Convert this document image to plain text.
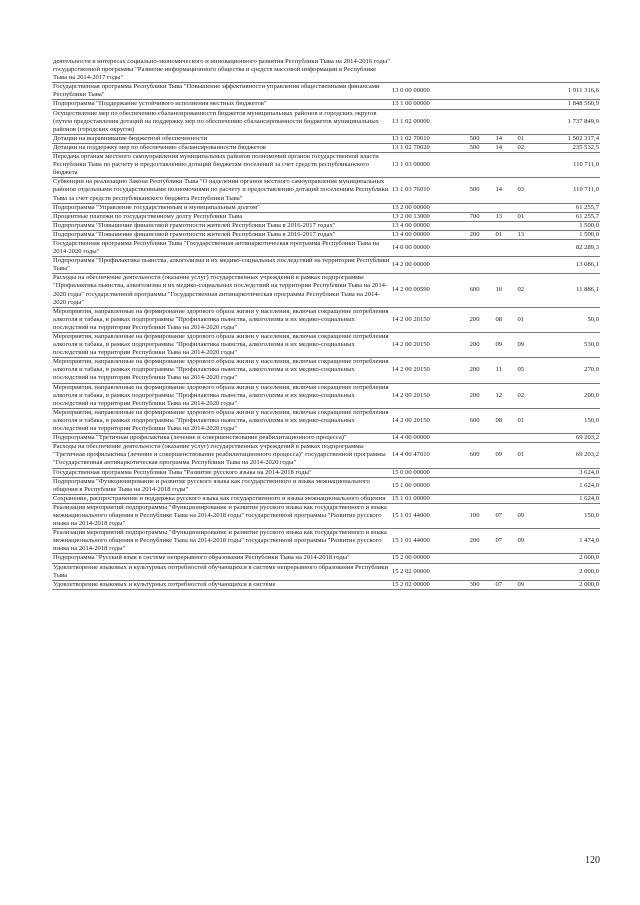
деятельности в интересах социально-экономического и инновационного развития Республики Тыва на 2014-2016 годы" государственной программы "Развитие информационного общества и средств массовой информации в Республике Тыва на 2014-2017 годы"					
Государственная программа Республики Тыва "Повышение эффективности управления общественными финансами Республики Тыва"	13 0 00 00000				1 911 316,6
Подпрограмма "Поддержание устойчивого исполнения местных бюджетов"	13 1 00 00000				1 848 560,9
Осуществление мер по обеспечению сбалансированности бюджетов муниципальных районов и городских округов (путем предоставления дотаций на поддержку мер по обеспечению сбалансированности бюджетов муниципальных районов (городских округов)	13 1 02 00000				1 737 849,9
Дотации на выравнивание бюджетной обеспеченности	13 1 02 70010	500	14	01	1 502 317,4
Дотации на поддержку мер по обеспечению сбалансированности бюджетов	13 1 02 70020	500	14	02	235 532,5
Передача органам местного самоуправления муниципальных районов полномочий органов государственной власти Республики Тыва по расчету и предоставлению дотаций бюджетам поселений за счет средств республиканского бюджета	13 1 03 00000				110 711,0
Субвенции на реализацию Закона Республики Тыва "О наделении органов местного самоуправления муниципальных районов отдельными государственными полномочиями по расчету и предоставлению дотаций поселениям Республики Тыва за счет средств республиканского бюджета Республики Тыва"	13 1 03 76010	500	14	03	110 711,0
Подпрограмма "Управление государственным и муниципальным долгом"	13 2 00 00000				61 255,7
Процентные платежи по государственному долгу Республики Тыва	13 2 00 13000	700	13	01	61 255,7
Подпрограмма "Повышение финансовой грамотности жителей Республики Тыва в 2016-2017 годах"	13 4 00 00000				1 500,0
Подпрограмма "Повышение финансовой грамотности жителей Республики Тыва в 2016-2017 годах"	13 4 00 00000	200	01	13	1 500,0
Государственная программа Республики Тыва "Государственная антинаркотическая программа Республики Тыва на 2014-2020 годы"	14 0 00 00000				82 289,3
Подпрограмма "Профилактика пьянства, алкоголизма и их медико-социальных последствий на территории Республики Тыва"	14 2 00 00000				13 086,1
Расходы на обеспечение деятельности (оказание услуг) государственных учреждений в рамках подпрограммы "Профилактика пьянства, алкоголизма и их медико-социальных последствий на территории Республики Тыва на 2014-2020 годы" государственной программы "Государственная антинаркотическая программа Республики Тыва на 2014-2020 годы"	14 2 00 00590	600	10	02	11 886,1
Мероприятия, направленные на формирование здорового образа жизни у населения, включая сокращение потребления алкоголя и табака, в рамках подпрограммы "Профилактика пьянства, алкоголизма и их медико-социальных последствий на территории Республики Тыва на 2014-2020 годы"	14 2 00 20150	200	08	01	50,0
Мероприятия, направленные на формирование здорового образа жизни у населения, включая сокращение потребления алкоголя и табака, в рамках подпрограммы "Профилактика пьянства, алкоголизма и их медико-социальных последствий на территории Республики Тыва на 2014-2020 годы"	14 2 00 20150	200	09	09	530,0
Мероприятия, направленные на формирование здорового образа жизни у населения, включая сокращение потребления алкоголя и табака, в рамках подпрограммы "Профилактика пьянства, алкоголизма и их медико-социальных последствий на территории Республики Тыва на 2014-2020 годы"	14 2 00 20150	200	11	05	270,0
Мероприятия, направленные на формирование здорового образа жизни у населения, включая сокращение потребления алкоголя и табака, в рамках подпрограммы "Профилактика пьянства, алкоголизма и их медико-социальных последствий на территории Республики Тыва на 2014-2020 годы"	14 2 00 20150	200	12	02	200,0
Мероприятия, направленные на формирование здорового образа жизни у населения, включая сокращение потребления алкоголя и табака, в рамках подпрограммы "Профилактика пьянства, алкоголизма и их медико-социальных последствий на территории Республики Тыва на 2014-2020 годы"	14 2 00 20150	600	08	01	150,0
Подпрограмма "Третичная профилактика (лечение и совершенствование реабилитационного процесса)"	14 4 00 00000				69 203,2
Расходы на обеспечение деятельности (оказание услуг) государственных учреждений в рамках подпрограммы "Третичная профилактика (лечение и совершенствование реабилитационного процесса)" государственной программы "Государственная антинаркотическая программа Республики Тыва на 2014-2020 годы"	14 4 00 47010	600	09	01	69 203,2
Государственная программа Республики Тыва "Развитие русского языка на 2014-2018 годы"	15 0 00 00000				3 624,0
Подпрограмма "Функционирование и развитие русского языка как государственного и языка межнационального общения в Республике Тыва на 2014-2018 годы"	15 1 00 00000				1 624,0
Сохранение, распространение и поддержка русского языка как государственного и языка межнационального общения	15 1 01 00000				1 624,0
Реализация мероприятий подпрограммы "Функционирование и развитие русского языка как государственного и языка межнационального общения в Республике Тыва на 2014-2018 годы" государственной программы "Развитие русского языка на 2014-2018 годы"	15 1 01 44000	100	07	09	150,0
Реализация мероприятий подпрограммы "Функционирование и развитие русского языка как государственного и языка межнационального общения в Республике Тыва на 2014-2018 годы" государственной программы "Развитие русского языка на 2014-2018 годы"	15 1 01 44000	200	07	09	1 474,0
Подпрограмма "Русский язык в системе непрерывного образования Республики Тыва на 2014-2018 годы"	15 2 00 00000				2 000,0
Удовлетворение языковых и культурных потребностей обучающихся в системе непрерывного образования Республики Тыва	15 2 02 00000				2 000,0
Удовлетворение языковых и культурных потребностей обучающихся в системе	15 2 02 00000	300	07	09	2 000,0
120
